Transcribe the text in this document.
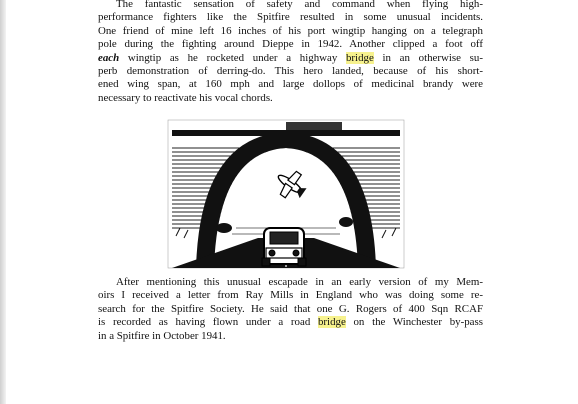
The fantastic sensation of safety and command when flying high-
performance fighters like the Spitfire resulted in some unusual incidents.
One friend of mine left 16 inches of his port wingtip hanging on a telegraph
pole during the fighting around Dieppe in 1942. Another clipped a foot off
each wingtip as he rocketed under a highway bridge in an otherwise su-
perb demonstration of derring-do. This hero landed, because of his short-
ened wing span, at 160 mph and large dollops of medicinal brandy were
necessary to reactivate his vocal chords.
After mentioning this unusual escapade in an early version of my Mem-
oirs I received a letter from Ray Mills in England who was doing some re-
search for the Spitfire Society. He said that one G. Rogers of 400 Sqn RCAF
is recorded as having flown under a road bridge on the Winchester by-pass
in a Spitfire in October 1941.
